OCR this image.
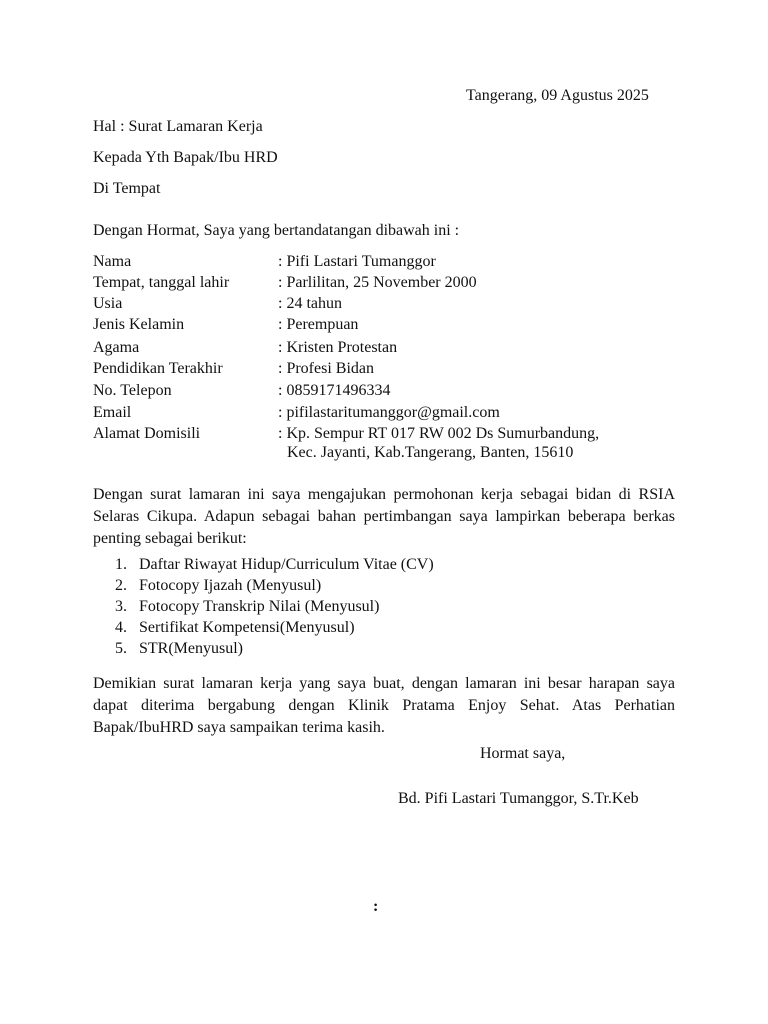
Tangerang, 09 Agustus 2025
Hal : Surat Lamaran Kerja
Kepada Yth Bapak/Ibu HRD
Di Tempat
Dengan Hormat, Saya yang bertandatangan dibawah ini :
Nama	: Pifi Lastari Tumanggor
Tempat, tanggal lahir	: Parlilitan, 25 November 2000
Usia	: 24 tahun
Jenis Kelamin	: Perempuan
Agama	: Kristen Protestan
Pendidikan Terakhir	: Profesi Bidan
No. Telepon	: 0859171496334
Email	: pifilastaritumanggor@gmail.com
Alamat Domisili	: Kp. Sempur RT 017 RW 002 Ds Sumurbandung,
Kec. Jayanti, Kab.Tangerang, Banten, 15610
Dengan surat lamaran ini saya mengajukan permohonan kerja sebagai bidan di RSIA Selaras Cikupa. Adapun sebagai bahan pertimbangan saya lampirkan beberapa berkas penting sebagai berikut:
1. Daftar Riwayat Hidup/Curriculum Vitae (CV)
2. Fotocopy Ijazah (Menyusul)
3. Fotocopy Transkrip Nilai (Menyusul)
4. Sertifikat Kompetensi(Menyusul)
5. STR(Menyusul)
Demikian surat lamaran kerja yang saya buat, dengan lamaran ini besar harapan saya dapat diterima bergabung dengan Klinik Pratama Enjoy Sehat. Atas Perhatian Bapak/IbuHRD saya sampaikan terima kasih.
Hormat saya,
Bd. Pifi Lastari Tumanggor, S.Tr.Keb
:
